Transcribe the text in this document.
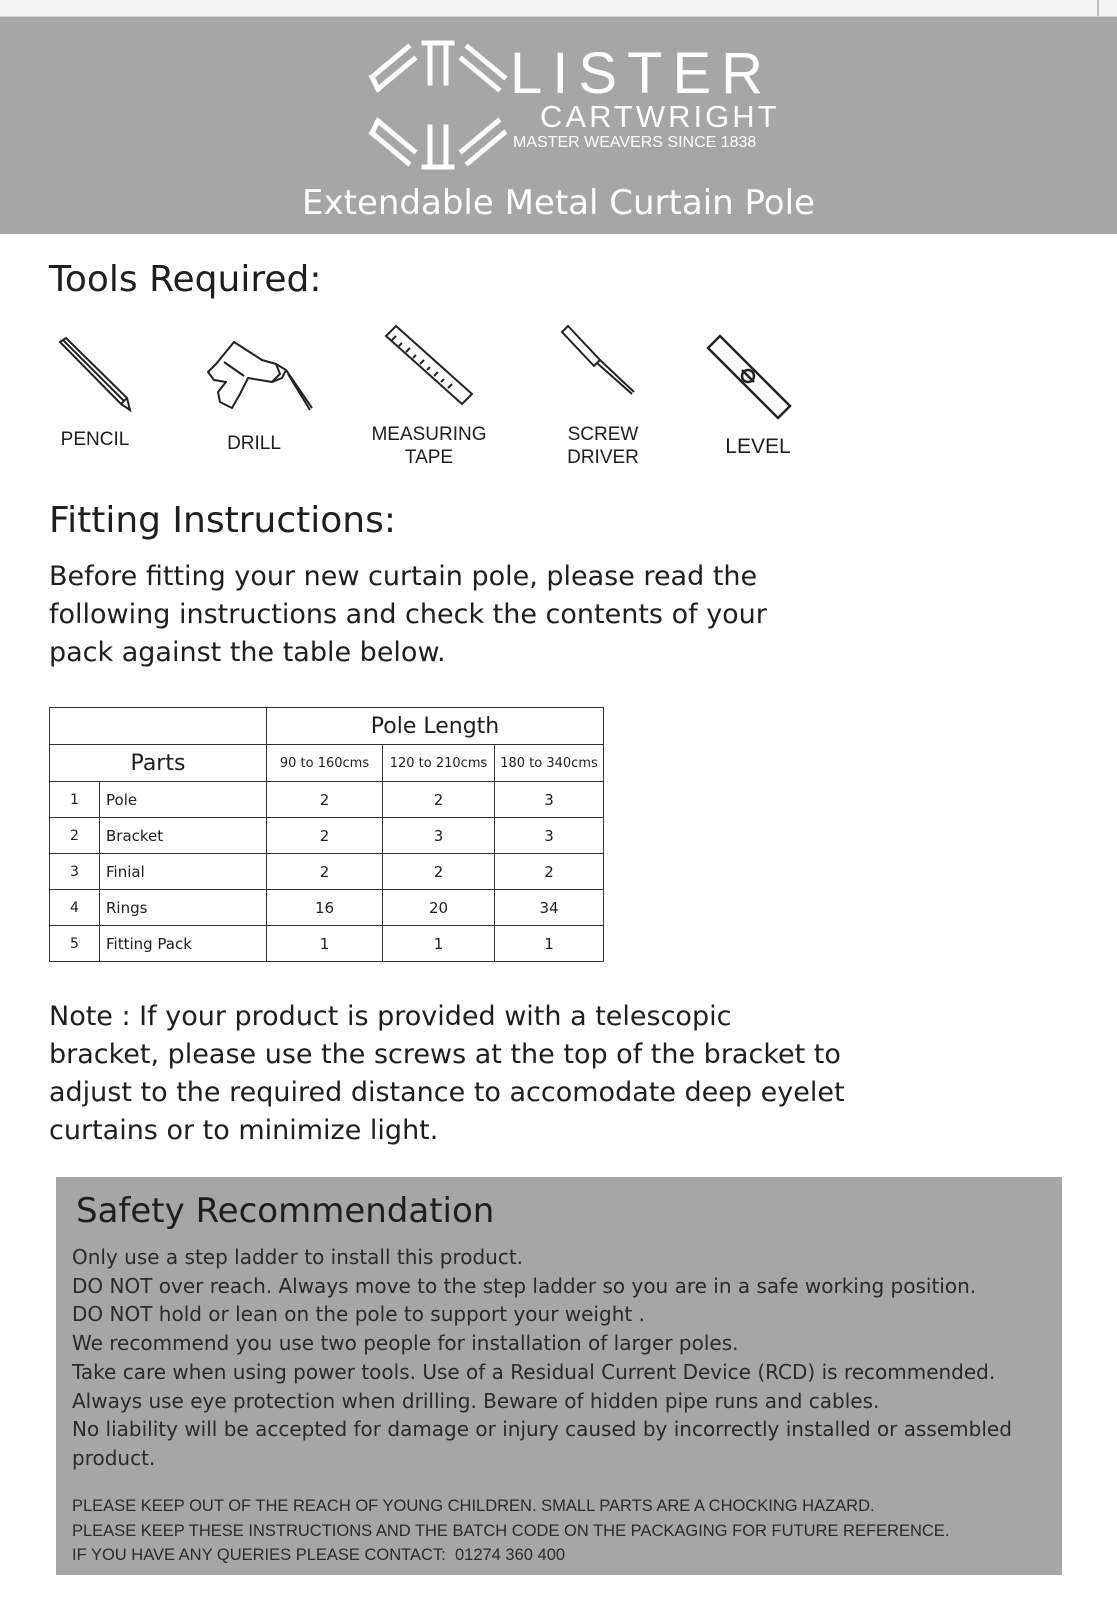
LISTER
CARTWRIGHT
MASTER WEAVERS SINCE 1838
Extendable Metal Curtain Pole
Tools Required:
PENCIL	DRILL	MEASURING
TAPE
SCREW
DRIVER	LEVEL
Fitting Instructions:

Before fitting your new curtain pole, please read the following instructions and check the contents of your pack against the table below.

		Pole Length		
Parts		90 to 160cms	120 to 210cms	180 to 340cms
1	Pole	2	2	3
2	Bracket	2	3	3
3	Finial	2	2	2
4	Rings	16	20	34
5	Fitting Pack	1	1	1

Note : If your product is provided with a telescopic bracket, please use the screws at the top of the bracket to adjust to the required distance to accomodate deep eyelet curtains or to minimize light.

Safety Recommendation
Only use a step ladder to install this product.
DO NOT over reach. Always move to the step ladder so you are in a safe working position.
DO NOT hold or lean on the pole to support your weight .
We recommend you use two people for installation of larger poles.
Take care when using power tools. Use of a Residual Current Device (RCD) is recommended.
Always use eye protection when drilling. Beware of hidden pipe runs and cables.
No liability will be accepted for damage or injury caused by incorrectly installed or assembled product.
PLEASE KEEP OUT OF THE REACH OF YOUNG CHILDREN. SMALL PARTS ARE A CHOCKING HAZARD.
PLEASE KEEP THESE INSTRUCTIONS AND THE BATCH CODE ON THE PACKAGING FOR FUTURE REFERENCE.
IF YOU HAVE ANY QUERIES PLEASE CONTACT:  01274 360 400
